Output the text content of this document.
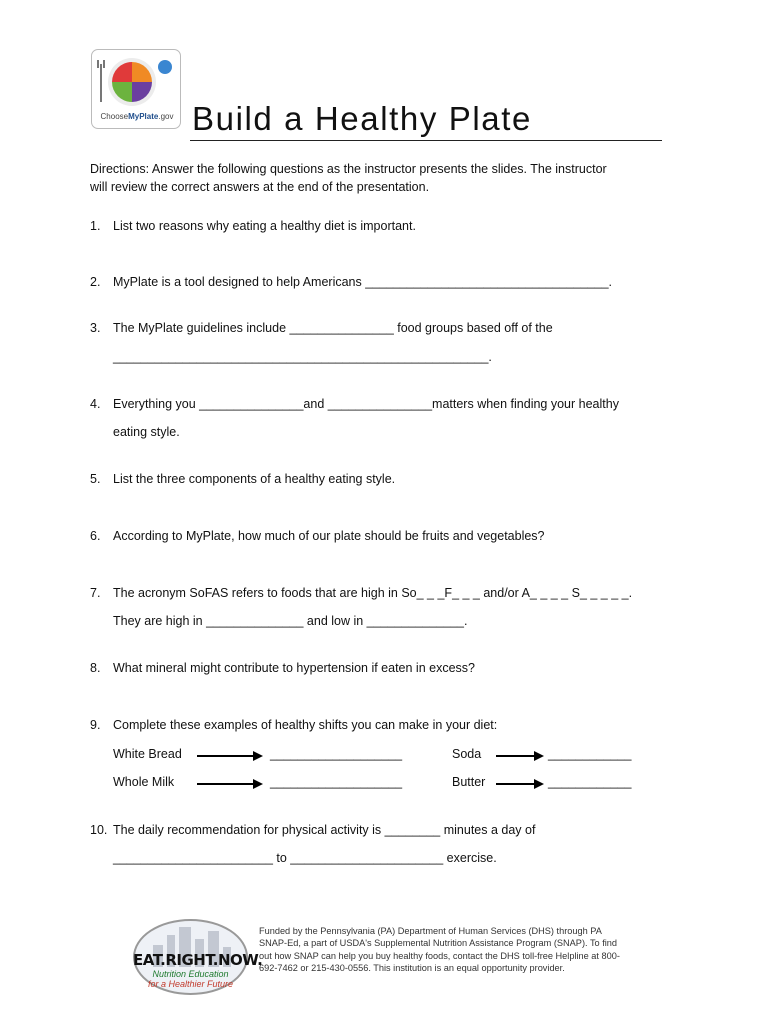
ChooseMyPlate.gov Build a Healthy Plate
Directions: Answer the following questions as the instructor presents the slides. The instructor
will review the correct answers at the end of the presentation.
1. List two reasons why eating a healthy diet is important.
2. MyPlate is a tool designed to help Americans ___________________________________.
3. The MyPlate guidelines include _______________ food groups based off of the
______________________________________________________.
4. Everything you _______________and _______________matters when finding your healthy
eating style.
5. List the three components of a healthy eating style.
6. According to MyPlate, how much of our plate should be fruits and vegetables?
7. The acronym SoFAS refers to foods that are high in So_ _ _F_ _ _ and/or A_ _ _ _ S_ _ _ _ _.
They are high in ______________ and low in ______________.
8. What mineral might contribute to hypertension if eaten in excess?
9. Complete these examples of healthy shifts you can make in your diet:
White Bread	___________________	Soda	____________
Whole Milk	___________________	Butter	____________
10. The daily recommendation for physical activity is ________ minutes a day of
_______________________ to ______________________ exercise.
EAT.RIGHT.NOW.
Nutrition Education
for a Healthier Future
Funded by the Pennsylvania (PA) Department of Human Services (DHS) through PA SNAP-Ed, a part of USDA's Supplemental Nutrition Assistance Program (SNAP). To find out how SNAP can help you buy healthy foods, contact the DHS toll-free Helpline at 800-692-7462 or 215-430-0556. This institution is an equal opportunity provider.
